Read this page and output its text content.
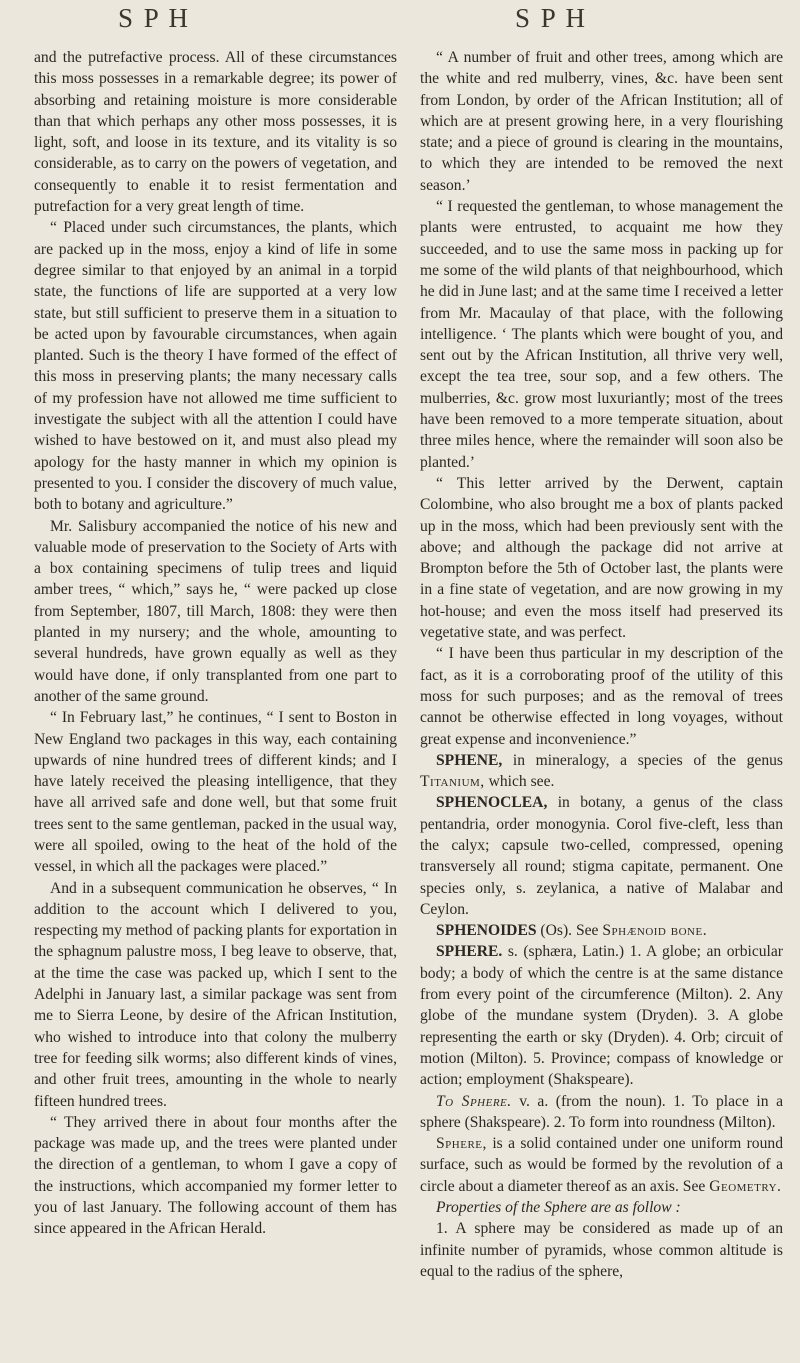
S P H	S P H

and the putrefactive process. All of these circumstances this moss possesses in a remarkable degree; its power of absorbing and retaining moisture is more considerable than that which perhaps any other moss possesses, it is light, soft, and loose in its texture, and its vitality is so considerable, as to carry on the powers of vegetation, and consequently to enable it to resist fermentation and putrefaction for a very great length of time.

“ Placed under such circumstances, the plants, which are packed up in the moss, enjoy a kind of life in some degree similar to that enjoyed by an animal in a torpid state, the functions of life are supported at a very low state, but still sufficient to preserve them in a situation to be acted upon by favourable circumstances, when again planted. Such is the theory I have formed of the effect of this moss in preserving plants; the many necessary calls of my profession have not allowed me time sufficient to investigate the subject with all the attention I could have wished to have bestowed on it, and must also plead my apology for the hasty manner in which my opinion is presented to you. I consider the discovery of much value, both to botany and agriculture.”

Mr. Salisbury accompanied the notice of his new and valuable mode of preservation to the Society of Arts with a box containing specimens of tulip trees and liquid amber trees, “ which,” says he, “ were packed up close from September, 1807, till March, 1808: they were then planted in my nursery; and the whole, amounting to several hundreds, have grown equally as well as they would have done, if only transplanted from one part to another of the same ground.

“ In February last,” he continues, “ I sent to Boston in New England two packages in this way, each containing upwards of nine hundred trees of different kinds; and I have lately received the pleasing intelligence, that they have all arrived safe and done well, but that some fruit trees sent to the same gentleman, packed in the usual way, were all spoiled, owing to the heat of the hold of the vessel, in which all the packages were placed.”

And in a subsequent communication he observes, “ In addition to the account which I delivered to you, respecting my method of packing plants for exportation in the sphagnum palustre moss, I beg leave to observe, that, at the time the case was packed up, which I sent to the Adelphi in January last, a similar package was sent from me to Sierra Leone, by desire of the African Institution, who wished to introduce into that colony the mulberry tree for feeding silk worms; also different kinds of vines, and other fruit trees, amounting in the whole to nearly fifteen hundred trees.

“ They arrived there in about four months after the package was made up, and the trees were planted under the direction of a gentleman, to whom I gave a copy of the instructions, which accompanied my former letter to you of last January. The following account of them has since appeared in the African Herald.

“ A number of fruit and other trees, among which are the white and red mulberry, vines, &c. have been sent from London, by order of the African Institution; all of which are at present growing here, in a very flourishing state; and a piece of ground is clearing in the mountains, to which they are intended to be removed the next season.’

“ I requested the gentleman, to whose management the plants were entrusted, to acquaint me how they succeeded, and to use the same moss in packing up for me some of the wild plants of that neighbourhood, which he did in June last; and at the same time I received a letter from Mr. Macaulay of that place, with the following intelligence. ‘ The plants which were bought of you, and sent out by the African Institution, all thrive very well, except the tea tree, sour sop, and a few others. The mulberries, &c. grow most luxuriantly; most of the trees have been removed to a more temperate situation, about three miles hence, where the remainder will soon also be planted.’

“ This letter arrived by the Derwent, captain Colombine, who also brought me a box of plants packed up in the moss, which had been previously sent with the above; and although the package did not arrive at Brompton before the 5th of October last, the plants were in a fine state of vegetation, and are now growing in my hot-house; and even the moss itself had preserved its vegetative state, and was perfect.

“ I have been thus particular in my description of the fact, as it is a corroborating proof of the utility of this moss for such purposes; and as the removal of trees cannot be otherwise effected in long voyages, without great expense and inconvenience.”

SPHENE, in mineralogy, a species of the genus Titanium, which see.

SPHENOCLEA, in botany, a genus of the class pentandria, order monogynia. Corol five-cleft, less than the calyx; capsule two-celled, compressed, opening transversely all round; stigma capitate, permanent. One species only, s. zeylanica, a native of Malabar and Ceylon.

SPHENOIDES (Os). See Sphænoid bone.

SPHERE. s. (sphæra, Latin.) 1. A globe; an orbicular body; a body of which the centre is at the same distance from every point of the circumference (Milton). 2. Any globe of the mundane system (Dryden). 3. A globe representing the earth or sky (Dryden). 4. Orb; circuit of motion (Milton). 5. Province; compass of knowledge or action; employment (Shakspeare).

To Sphere. v. a. (from the noun). 1. To place in a sphere (Shakspeare). 2. To form into roundness (Milton).

Sphere, is a solid contained under one uniform round surface, such as would be formed by the revolution of a circle about a diameter thereof as an axis. See Geometry.

Properties of the Sphere are as follow :

1. A sphere may be considered as made up of an infinite number of pyramids, whose common altitude is equal to the radius of the sphere,
